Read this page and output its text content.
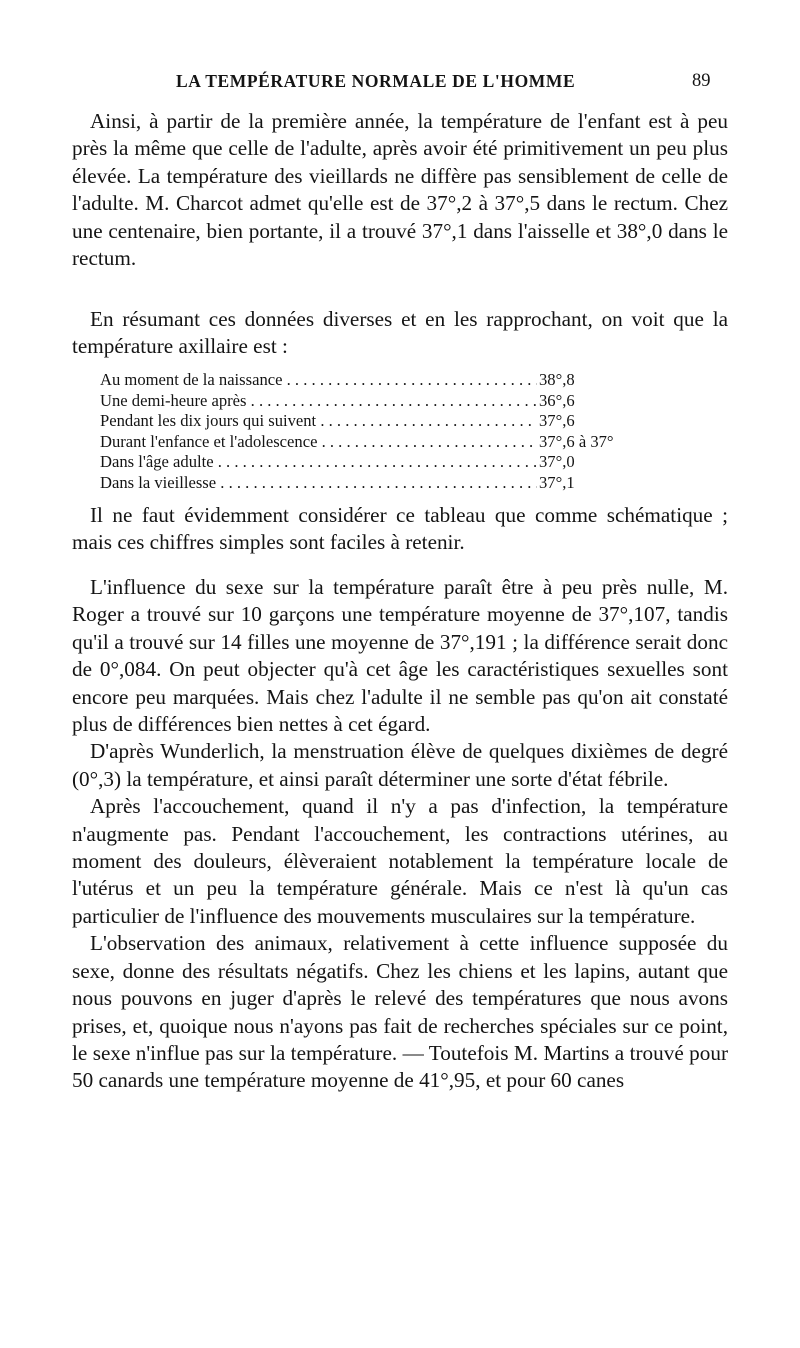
LA TEMPÉRATURE NORMALE DE L'HOMME	89

Ainsi, à partir de la première année, la température de l'enfant est à peu près la même que celle de l'adulte, après avoir été primitivement un peu plus élevée. La température des vieillards ne diffère pas sensiblement de celle de l'adulte. M. Charcot admet qu'elle est de 37°,2 à 37°,5 dans le rectum. Chez une centenaire, bien portante, il a trouvé 37°,1 dans l'aisselle et 38°,0 dans le rectum.

En résumant ces données diverses et en les rapprochant, on voit que la température axillaire est :

Au moment de la naissance . . .	38°,8
Une demi-heure après . . .	36°,6
Pendant les dix jours qui suivent . . .	37°,6
Durant l'enfance et l'adolescence . . .	37°,6 à 37°
Dans l'âge adulte . . .	37°,0
Dans la vieillesse . . .	37°,1

Il ne faut évidemment considérer ce tableau que comme schématique ; mais ces chiffres simples sont faciles à retenir.

L'influence du sexe sur la température paraît être à peu près nulle, M. Roger a trouvé sur 10 garçons une température moyenne de 37°,107, tandis qu'il a trouvé sur 14 filles une moyenne de 37°,191 ; la différence serait donc de 0°,084. On peut objecter qu'à cet âge les caractéristiques sexuelles sont encore peu marquées. Mais chez l'adulte il ne semble pas qu'on ait constaté plus de différences bien nettes à cet égard.

D'après Wunderlich, la menstruation élève de quelques dixièmes de degré (0°,3) la température, et ainsi paraît déterminer une sorte d'état fébrile.

Après l'accouchement, quand il n'y a pas d'infection, la température n'augmente pas. Pendant l'accouchement, les contractions utérines, au moment des douleurs, élèveraient notablement la température locale de l'utérus et un peu la température générale. Mais ce n'est là qu'un cas particulier de l'influence des mouvements musculaires sur la température.

L'observation des animaux, relativement à cette influence supposée du sexe, donne des résultats négatifs. Chez les chiens et les lapins, autant que nous pouvons en juger d'après le relevé des températures que nous avons prises, et, quoique nous n'ayons pas fait de recherches spéciales sur ce point, le sexe n'influe pas sur la température. — Toutefois M. Martins a trouvé pour 50 canards une température moyenne de 41°,95, et pour 60 canes
